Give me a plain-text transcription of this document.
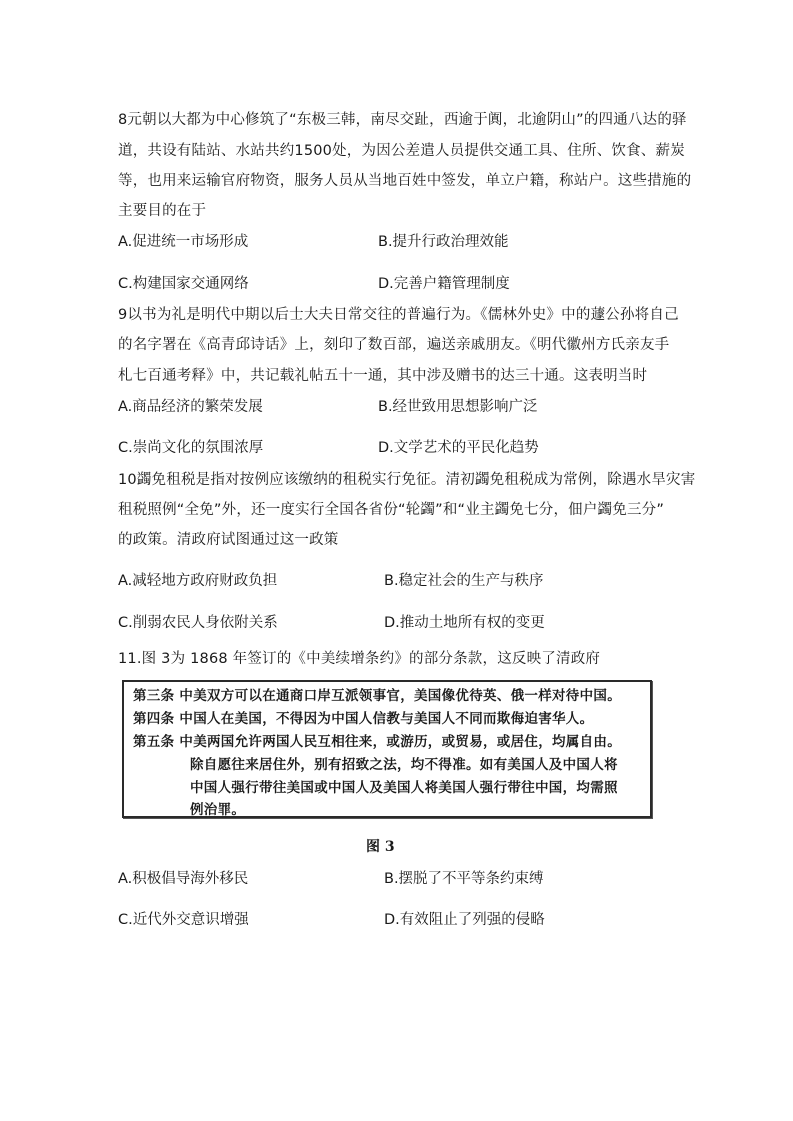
8元朝以大都为中心修筑了“东极三韩，南尽交趾，西逾于阗，北逾阴山”的四通八达的驿
道，共设有陆站、水站共约1500处，为因公差遣人员提供交通工具、住所、饮食、薪炭
等，也用来运输官府物资，服务人员从当地百姓中签发，单立户籍，称站户。这些措施的
主要目的在于
A.促进统一市场形成	B.提升行政治理效能
C.构建国家交通网络	D.完善户籍管理制度
9以书为礼是明代中期以后士大夫日常交往的普遍行为。《儒林外史》中的蘧公孙将自己
的名字署在《高青邱诗话》上，刻印了数百部，遍送亲戚朋友。《明代徽州方氏亲友手
札七百通考释》中，共记载礼帖五十一通，其中涉及赠书的达三十通。这表明当时
A.商品经济的繁荣发展	B.经世致用思想影响广泛
C.崇尚文化的氛围浓厚	D.文学艺术的平民化趋势
10蠲免租税是指对按例应该缴纳的租税实行免征。清初蠲免租税成为常例，除遇水旱灾害
租税照例“全免”外，还一度实行全国各省份“轮蠲”和“业主蠲免七分，佃户蠲免三分”
的政策。清政府试图通过这一政策
A.减轻地方政府财政负担	B.稳定社会的生产与秩序
C.削弱农民人身依附关系	D.推动土地所有权的变更
11.图 3为 1868 年签订的《中美续增条约》的部分条款，这反映了清政府
第三条 中美双方可以在通商口岸互派领事官，美国像优待英、俄一样对待中国。
第四条 中国人在美国，不得因为中国人信教与美国人不同而欺侮迫害华人。
第五条 中美两国允许两国人民互相往来，或游历，或贸易，或居住，均属自由。
除自愿往来居住外，别有招致之法，均不得准。如有美国人及中国人将
中国人强行带往美国或中国人及美国人将美国人强行带往中国，均需照
例治罪。
图 3
A.积极倡导海外移民	B.摆脱了不平等条约束缚
C.近代外交意识增强	D.有效阻止了列强的侵略
